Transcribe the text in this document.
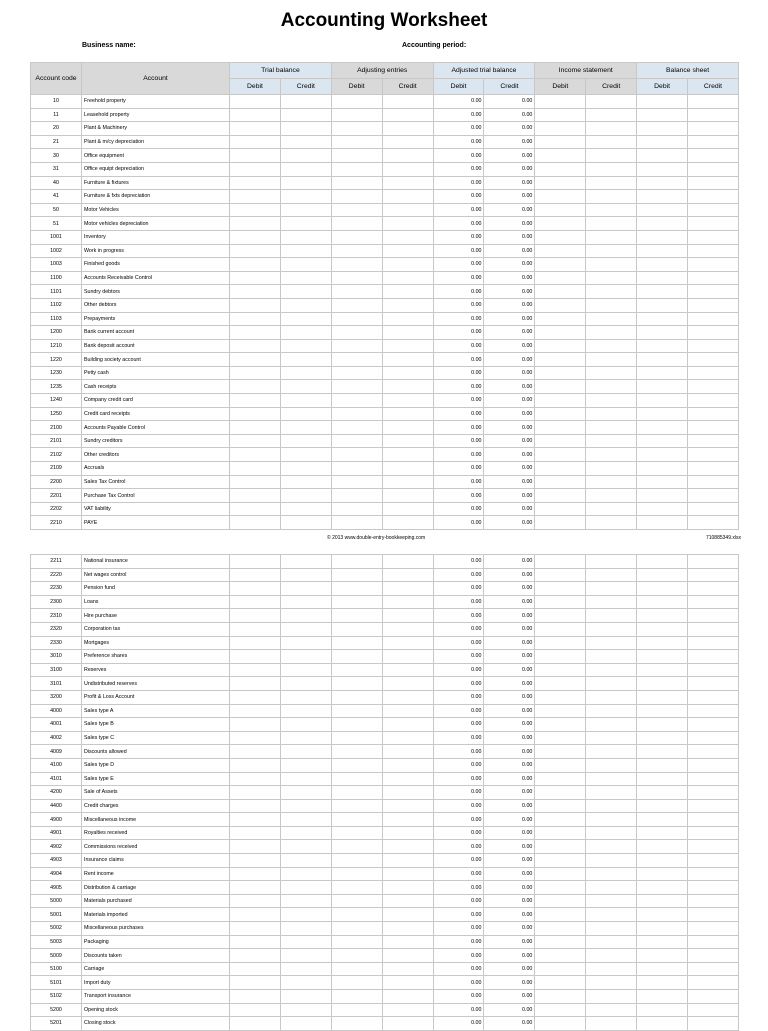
Accounting Worksheet
Business name:	Accounting period:
Account code	Account	Trial balance		Adjusting entries		Adjusted trial balance		Income statement		Balance sheet	
		Debit	Credit	Debit	Credit	Debit	Credit	Debit	Credit	Debit	Credit
10	Freehold property					0.00	0.00				
11	Leasehold property					0.00	0.00				
20	Plant & Machinery					0.00	0.00				
21	Plant & m/cy depreciation					0.00	0.00				
30	Office equipment					0.00	0.00				
31	Office equipt depreciation					0.00	0.00				
40	Furniture & fixtures					0.00	0.00				
41	Furniture & fxts depreciation					0.00	0.00				
50	Motor Vehicles					0.00	0.00				
51	Motor vehicles depreciation					0.00	0.00				
1001	Inventory					0.00	0.00				
1002	Work in progress					0.00	0.00				
1003	Finished goods					0.00	0.00				
1100	Accounts Receivable Control					0.00	0.00				
1101	Sundry debtors					0.00	0.00				
1102	Other debtors					0.00	0.00				
1103	Prepayments					0.00	0.00				
1200	Bank current account					0.00	0.00				
1210	Bank deposit account					0.00	0.00				
1220	Building society account					0.00	0.00				
1230	Petty cash					0.00	0.00				
1235	Cash receipts					0.00	0.00				
1240	Company credit card					0.00	0.00				
1250	Credit card receipts					0.00	0.00				
2100	Accounts Payable Control					0.00	0.00				
2101	Sundry creditors					0.00	0.00				
2102	Other creditors					0.00	0.00				
2109	Accruals					0.00	0.00				
2200	Sales Tax Control					0.00	0.00				
2201	Purchase Tax Control					0.00	0.00				
2202	VAT liability					0.00	0.00				
2210	PAYE					0.00	0.00				
© 2013 www.double-entry-bookkeeping.com	710885349.xlsx
2211	National insurance					0.00	0.00				
2220	Net wages control					0.00	0.00				
2230	Pension fund					0.00	0.00				
2300	Loans					0.00	0.00				
2310	Hire purchase					0.00	0.00				
2320	Corporation tax					0.00	0.00				
2330	Mortgages					0.00	0.00				
3010	Preference shares					0.00	0.00				
3100	Reserves					0.00	0.00				
3101	Undistributed reserves					0.00	0.00				
3200	Profit & Loss Account					0.00	0.00				
4000	Sales type A					0.00	0.00				
4001	Sales type B					0.00	0.00				
4002	Sales type C					0.00	0.00				
4009	Discounts allowed					0.00	0.00				
4100	Sales type D					0.00	0.00				
4101	Sales type E					0.00	0.00				
4200	Sale of Assets					0.00	0.00				
4400	Credit charges					0.00	0.00				
4900	Miscellaneous income					0.00	0.00				
4901	Royalties received					0.00	0.00				
4902	Commissions received					0.00	0.00				
4903	Insurance claims					0.00	0.00				
4904	Rent income					0.00	0.00				
4905	Distribution & carriage					0.00	0.00				
5000	Materials purchased					0.00	0.00				
5001	Materials imported					0.00	0.00				
5002	Miscellaneous purchases					0.00	0.00				
5003	Packaging					0.00	0.00				
5009	Discounts taken					0.00	0.00				
5100	Carriage					0.00	0.00				
5101	Import duty					0.00	0.00				
5102	Transport insurance					0.00	0.00				
5200	Opening stock					0.00	0.00				
5201	Closing stock					0.00	0.00				
